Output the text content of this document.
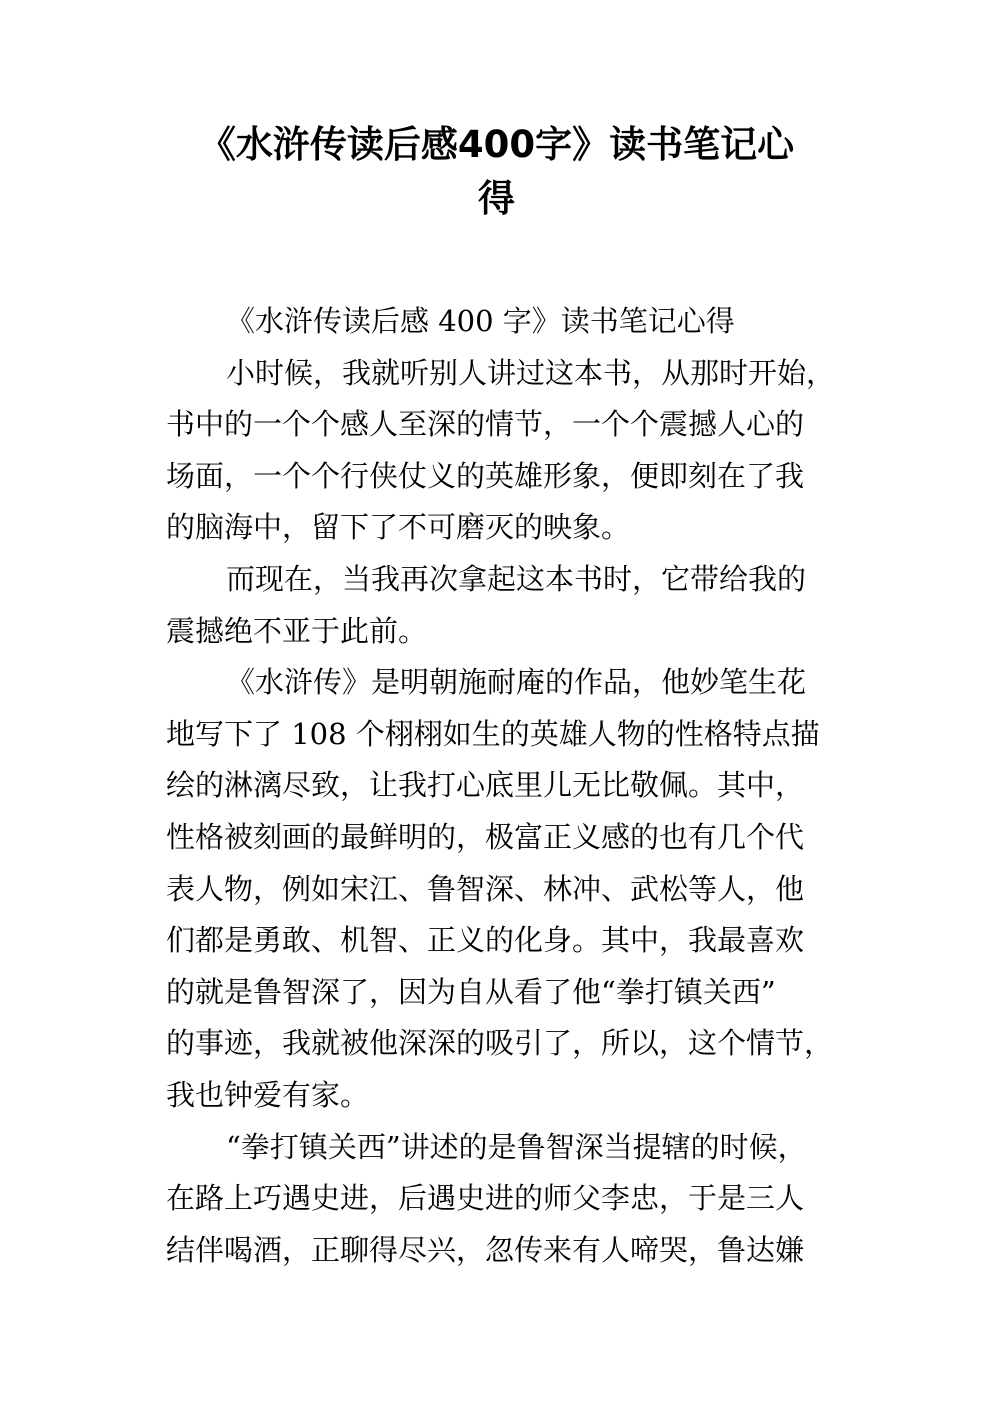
《水浒传读后感400字》读书笔记心
得
《水浒传读后感 400 字》读书笔记心得
小时候，我就听别人讲过这本书，从那时开始，
书中的一个个感人至深的情节，一个个震撼人心的
场面，一个个行侠仗义的英雄形象，便即刻在了我
的脑海中，留下了不可磨灭的映象。
而现在，当我再次拿起这本书时，它带给我的
震撼绝不亚于此前。
《水浒传》是明朝施耐庵的作品，他妙笔生花
地写下了 108 个栩栩如生的英雄人物的性格特点描
绘的淋漓尽致，让我打心底里儿无比敬佩。其中，
性格被刻画的最鲜明的，极富正义感的也有几个代
表人物，例如宋江、鲁智深、林冲、武松等人，他
们都是勇敢、机智、正义的化身。其中，我最喜欢
的就是鲁智深了，因为自从看了他“拳打镇关西”
的事迹，我就被他深深的吸引了，所以，这个情节，
我也钟爱有家。
“拳打镇关西”讲述的是鲁智深当提辖的时候，
在路上巧遇史进，后遇史进的师父李忠，于是三人
结伴喝酒，正聊得尽兴，忽传来有人啼哭，鲁达嫌
